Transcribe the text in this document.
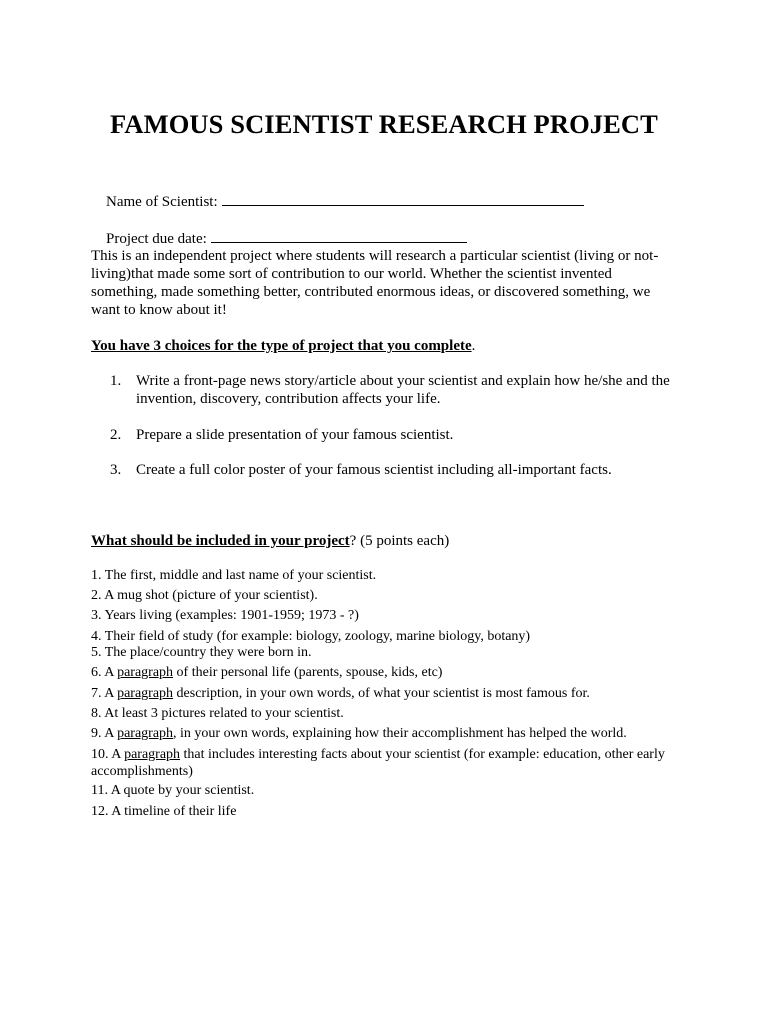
FAMOUS SCIENTIST RESEARCH PROJECT

Name of Scientist:

Project due date:

This is an independent project where students will research a particular scientist (living or not-living)that made some sort of contribution to our world. Whether the scientist invented something, made something better, contributed enormous ideas, or discovered something, we want to know about it!

You have 3 choices for the type of project that you complete.

1. Write a front-page news story/article about your scientist and explain how he/she and the invention, discovery, contribution affects your life.
2. Prepare a slide presentation of your famous scientist.
3. Create a full color poster of your famous scientist including all-important facts.

What should be included in your project? (5 points each)

1. The first, middle and last name of your scientist.

2. A mug shot (picture of your scientist).

3. Years living (examples: 1901-1959; 1973 - ?)

4. Their field of study (for example: biology, zoology, marine biology, botany)

5. The place/country they were born in.

6. A paragraph of their personal life (parents, spouse, kids, etc)

7. A paragraph description, in your own words, of what your scientist is most famous for.

8. At least 3 pictures related to your scientist.

9. A paragraph, in your own words, explaining how their accomplishment has helped the world.

10. A paragraph that includes interesting facts about your scientist (for example: education, other early accomplishments)

11. A quote by your scientist.

12. A timeline of their life
